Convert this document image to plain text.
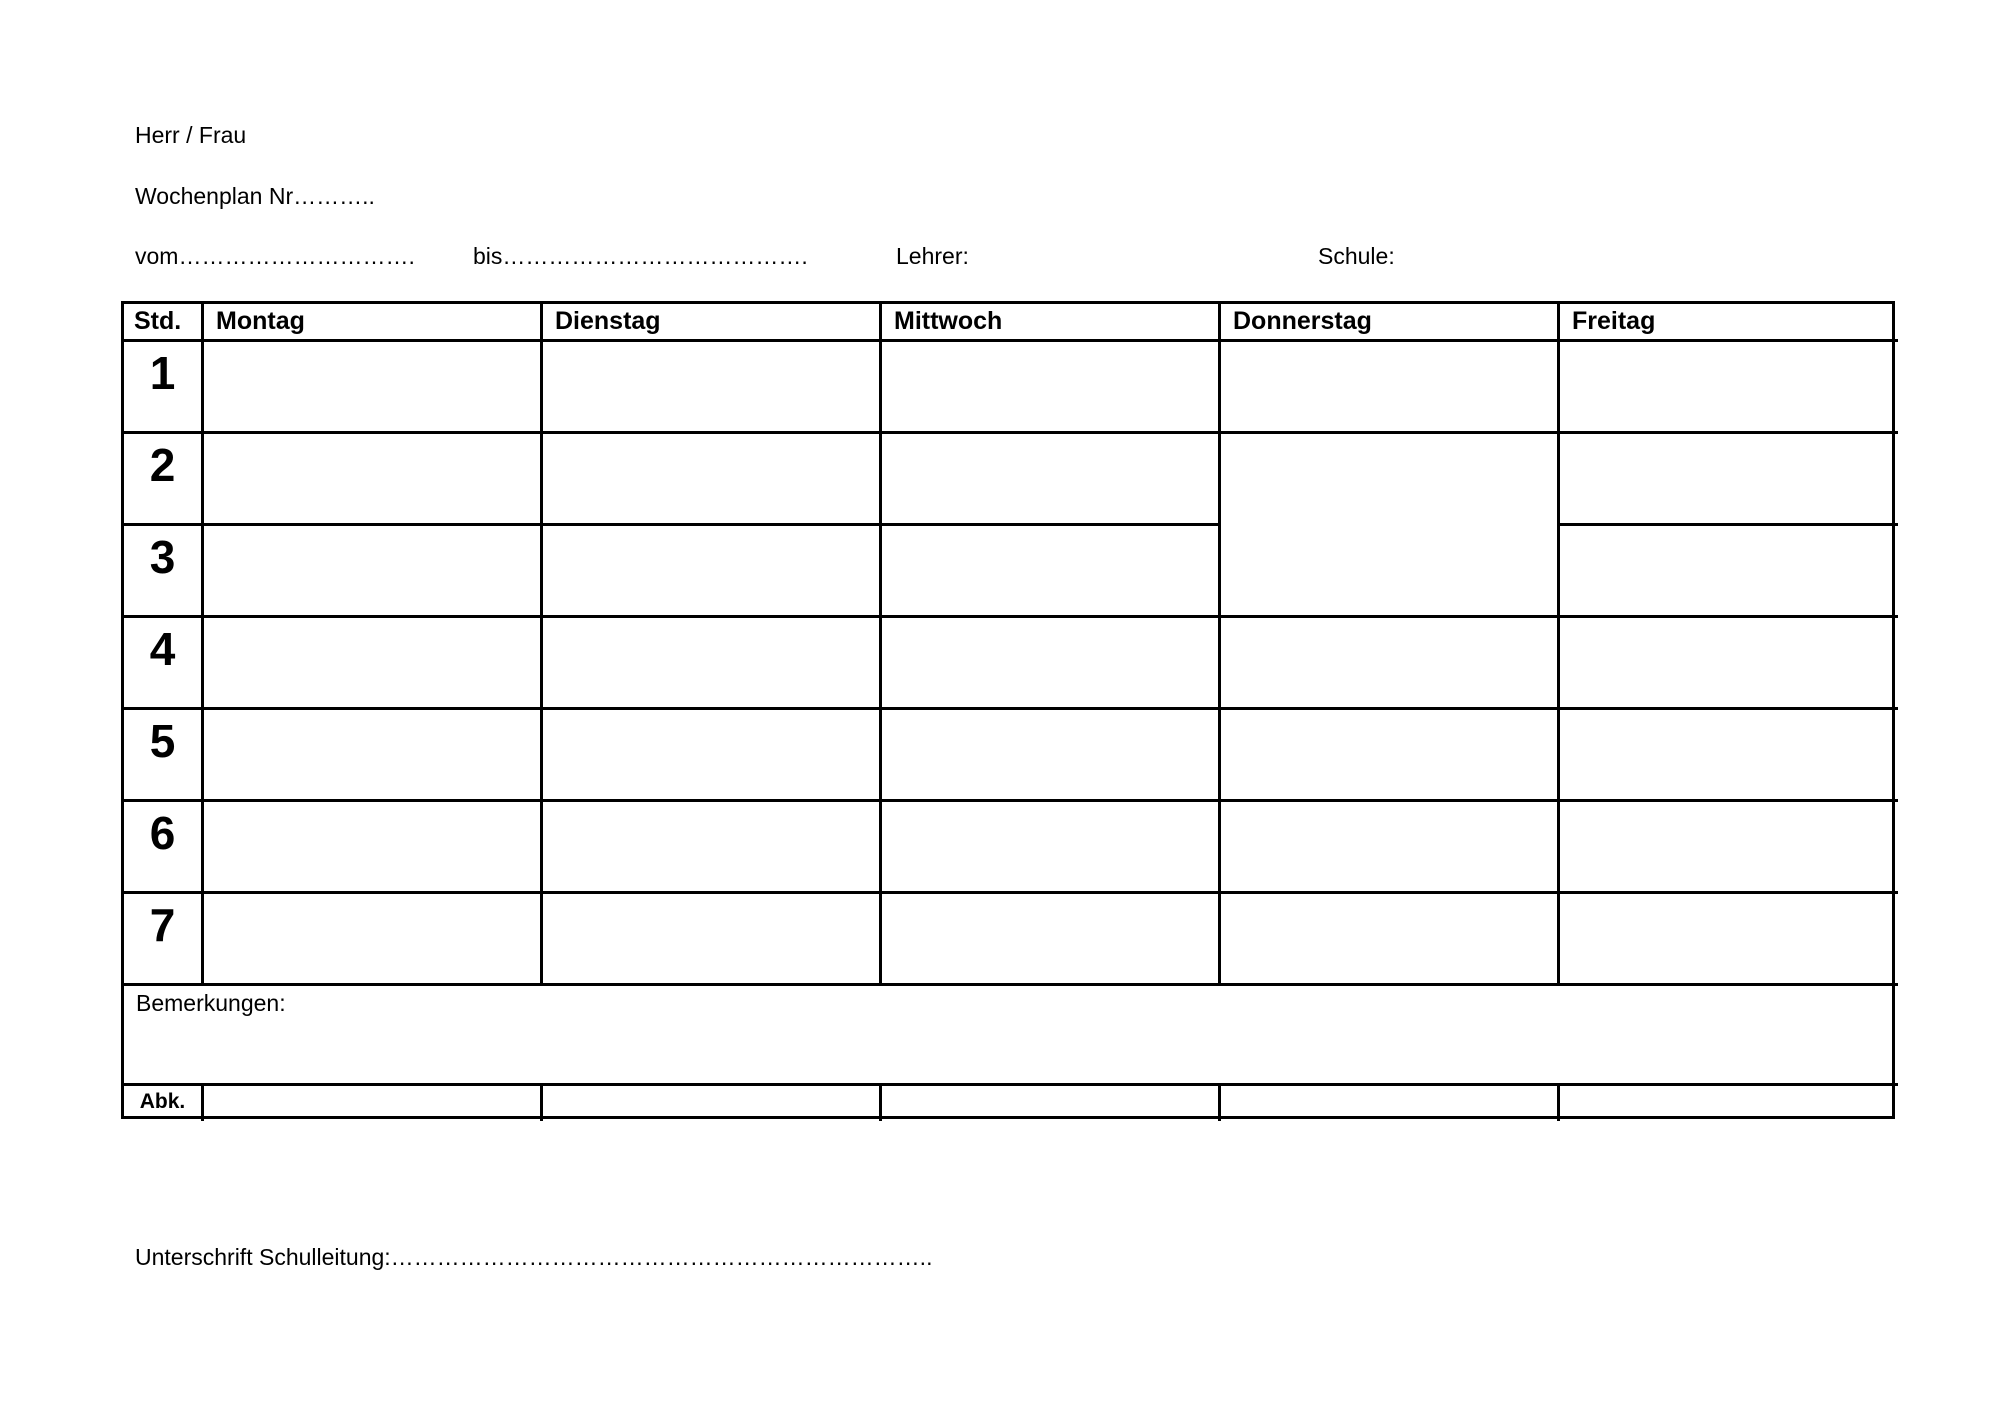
Herr / Frau
Wochenplan Nr………..
vom………………………….	bis………………………………….	Lehrer:	Schule:
Std.	Montag	Dienstag	Mittwoch	Donnerstag	Freitag
1
2
3
4
5
6
7
Bemerkungen:
Abk.
Unterschrift Schulleitung:……………………………………………………………..
